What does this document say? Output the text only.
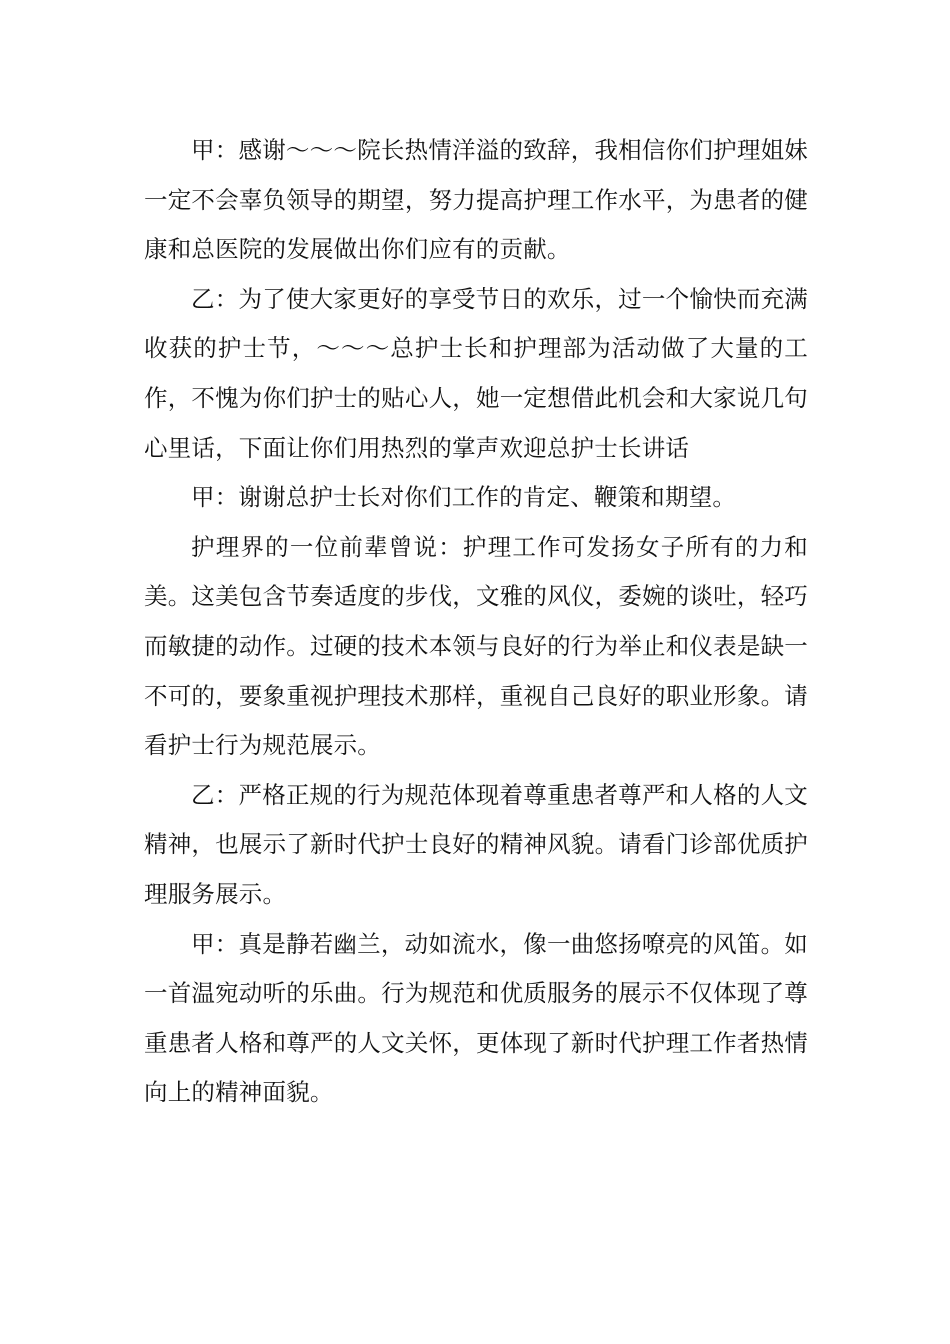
甲：感谢～～～院长热情洋溢的致辞，我相信你们护理姐妹一定不会辜负领导的期望，努力提高护理工作水平，为患者的健康和总医院的发展做出你们应有的贡献。

乙：为了使大家更好的享受节日的欢乐，过一个愉快而充满收获的护士节，～～～总护士长和护理部为活动做了大量的工作，不愧为你们护士的贴心人，她一定想借此机会和大家说几句心里话，下面让你们用热烈的掌声欢迎总护士长讲话

甲：谢谢总护士长对你们工作的肯定、鞭策和期望。

护理界的一位前辈曾说：护理工作可发扬女子所有的力和美。这美包含节奏适度的步伐，文雅的风仪，委婉的谈吐，轻巧而敏捷的动作。过硬的技术本领与良好的行为举止和仪表是缺一不可的，要象重视护理技术那样，重视自己良好的职业形象。请看护士行为规范展示。

乙：严格正规的行为规范体现着尊重患者尊严和人格的人文精神，也展示了新时代护士良好的精神风貌。请看门诊部优质护理服务展示。

甲：真是静若幽兰，动如流水，像一曲悠扬嘹亮的风笛。如一首温宛动听的乐曲。行为规范和优质服务的展示不仅体现了尊重患者人格和尊严的人文关怀，更体现了新时代护理工作者热情向上的精神面貌。
